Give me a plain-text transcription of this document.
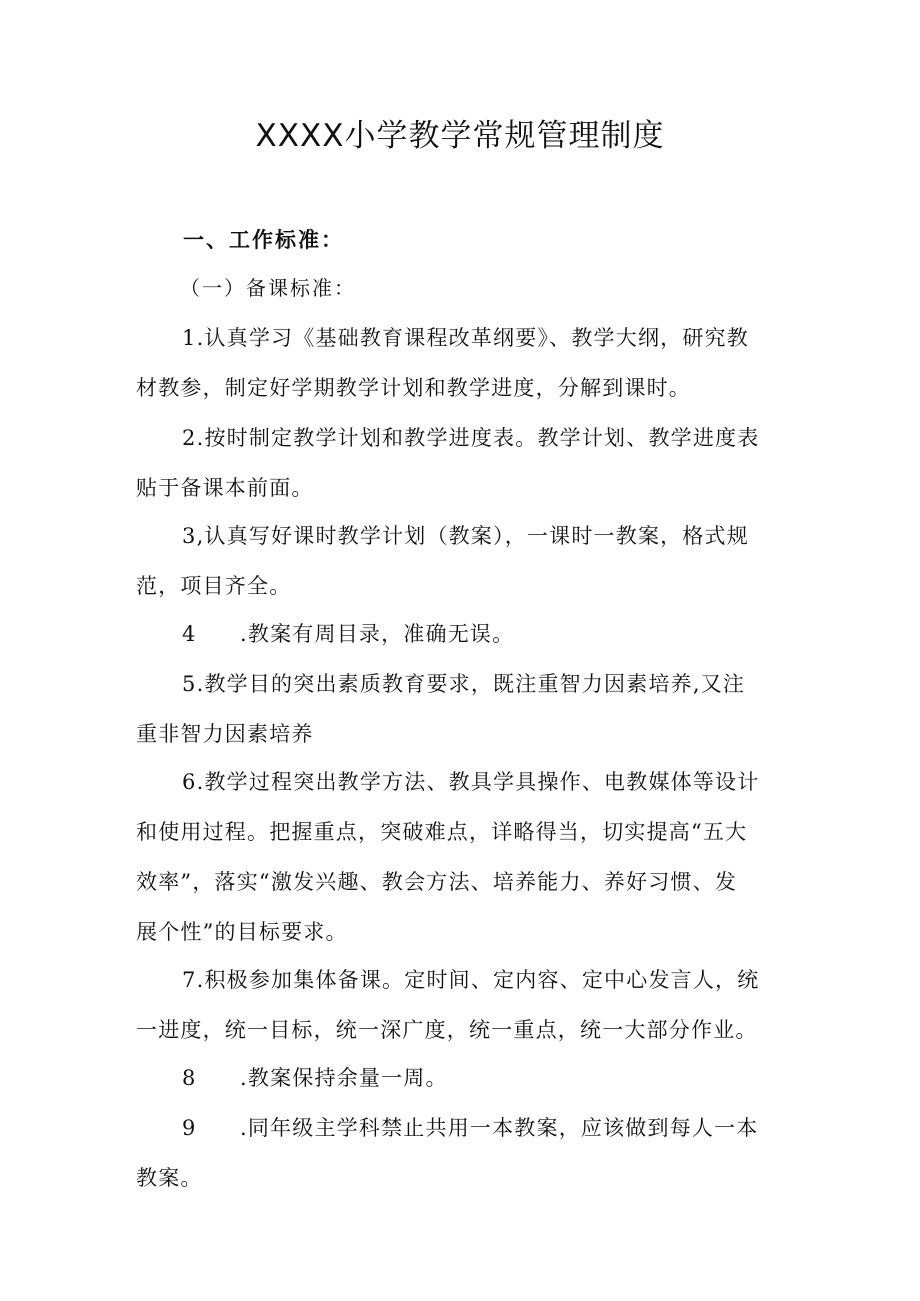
XXXX小学教学常规管理制度
一、工作标准：
（一）备课标准：
1.认真学习《基础教育课程改革纲要》、教学大纲，研究教
材教参，制定好学期教学计划和教学进度，分解到课时。
2.按时制定教学计划和教学进度表。教学计划、教学进度表
贴于备课本前面。
3,认真写好课时教学计划（教案），一课时一教案，格式规
范，项目齐全。
4 .教案有周目录，准确无误。
5.教学目的突出素质教育要求，既注重智力因素培养,又注
重非智力因素培养
6.教学过程突出教学方法、教具学具操作、电教媒体等设计
和使用过程。把握重点，突破难点，详略得当，切实提高“五大
效率”，落实“激发兴趣、教会方法、培养能力、养好习惯、发
展个性”的目标要求。
7.积极参加集体备课。定时间、定内容、定中心发言人，统
一进度，统一目标，统一深广度，统一重点，统一大部分作业。
8 .教案保持余量一周。
9 .同年级主学科禁止共用一本教案，应该做到每人一本
教案。
